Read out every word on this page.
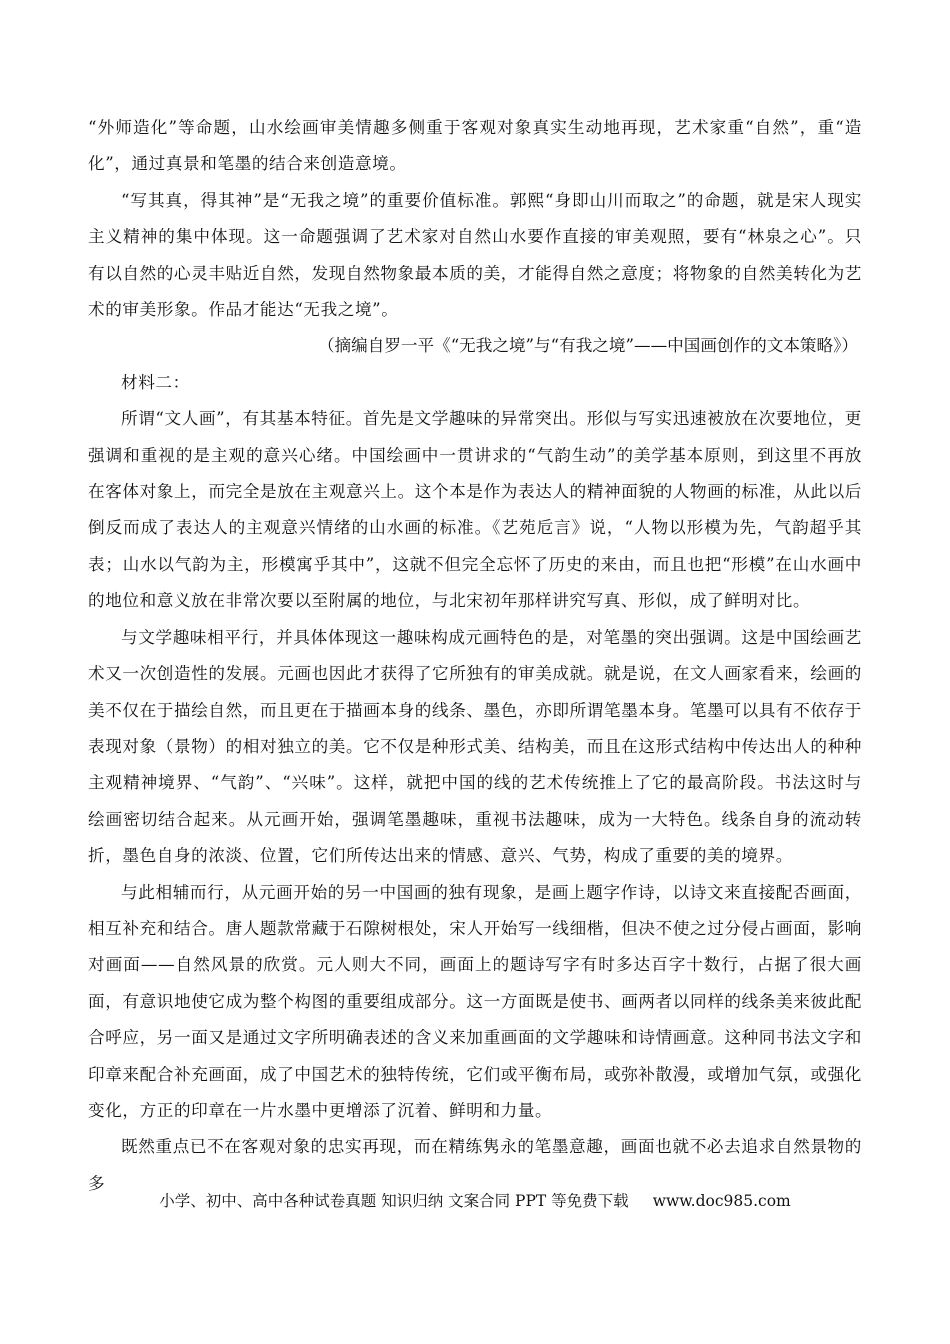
“外师造化”等命题，山水绘画审美情趣多侧重于客观对象真实生动地再现，艺术家重“自然”，重“造化”，通过真景和笔墨的结合来创造意境。

“写其真，得其神”是“无我之境”的重要价值标准。郭熙“身即山川而取之”的命题，就是宋人现实主义精神的集中体现。这一命题强调了艺术家对自然山水要作直接的审美观照，要有“林泉之心”。只有以自然的心灵丰贴近自然，发现自然物象最本质的美，才能得自然之意度；将物象的自然美转化为艺术的审美形象。作品才能达“无我之境”。

（摘编自罗一平《“无我之境”与“有我之境”——中国画创作的文本策略》）

材料二：

所谓“文人画”，有其基本特征。首先是文学趣味的异常突出。形似与写实迅速被放在次要地位，更强调和重视的是主观的意兴心绪。中国绘画中一贯讲求的“气韵生动”的美学基本原则，到这里不再放在客体对象上，而完全是放在主观意兴上。这个本是作为表达人的精神面貌的人物画的标准，从此以后倒反而成了表达人的主观意兴情绪的山水画的标准。《艺苑卮言》说，“人物以形模为先，气韵超乎其表；山水以气韵为主，形模寓乎其中”，这就不但完全忘怀了历史的来由，而且也把“形模”在山水画中的地位和意义放在非常次要以至附属的地位，与北宋初年那样讲究写真、形似，成了鲜明对比。

与文学趣味相平行，并具体体现这一趣味构成元画特色的是，对笔墨的突出强调。这是中国绘画艺术又一次创造性的发展。元画也因此才获得了它所独有的审美成就。就是说，在文人画家看来，绘画的美不仅在于描绘自然，而且更在于描画本身的线条、墨色，亦即所谓笔墨本身。笔墨可以具有不依存于表现对象（景物）的相对独立的美。它不仅是种形式美、结构美，而且在这形式结构中传达出人的种种主观精神境界、“气韵”、“兴味”。这样，就把中国的线的艺术传统推上了它的最高阶段。书法这时与绘画密切结合起来。从元画开始，强调笔墨趣味，重视书法趣味，成为一大特色。线条自身的流动转折，墨色自身的浓淡、位置，它们所传达出来的情感、意兴、气势，构成了重要的美的境界。

与此相辅而行，从元画开始的另一中国画的独有现象，是画上题字作诗，以诗文来直接配否画面，相互补充和结合。唐人题款常藏于石隙树根处，宋人开始写一线细楷，但决不使之过分侵占画面，影响对画面——自然风景的欣赏。元人则大不同，画面上的题诗写字有时多达百字十数行，占据了很大画面，有意识地使它成为整个构图的重要组成部分。这一方面既是使书、画两者以同样的线条美来彼此配合呼应，另一面又是通过文字所明确表述的含义来加重画面的文学趣味和诗情画意。这种同书法文字和印章来配合补充画面，成了中国艺术的独特传统，它们或平衡布局，或弥补散漫，或增加气氛，或强化变化，方正的印章在一片水墨中更增添了沉着、鲜明和力量。

既然重点已不在客观对象的忠实再现，而在精练隽永的笔墨意趣，画面也就不必去追求自然景物的多

小学、初中、高中各种试卷真题 知识归纳 文案合同 PPT 等免费下载 www.doc985.com
